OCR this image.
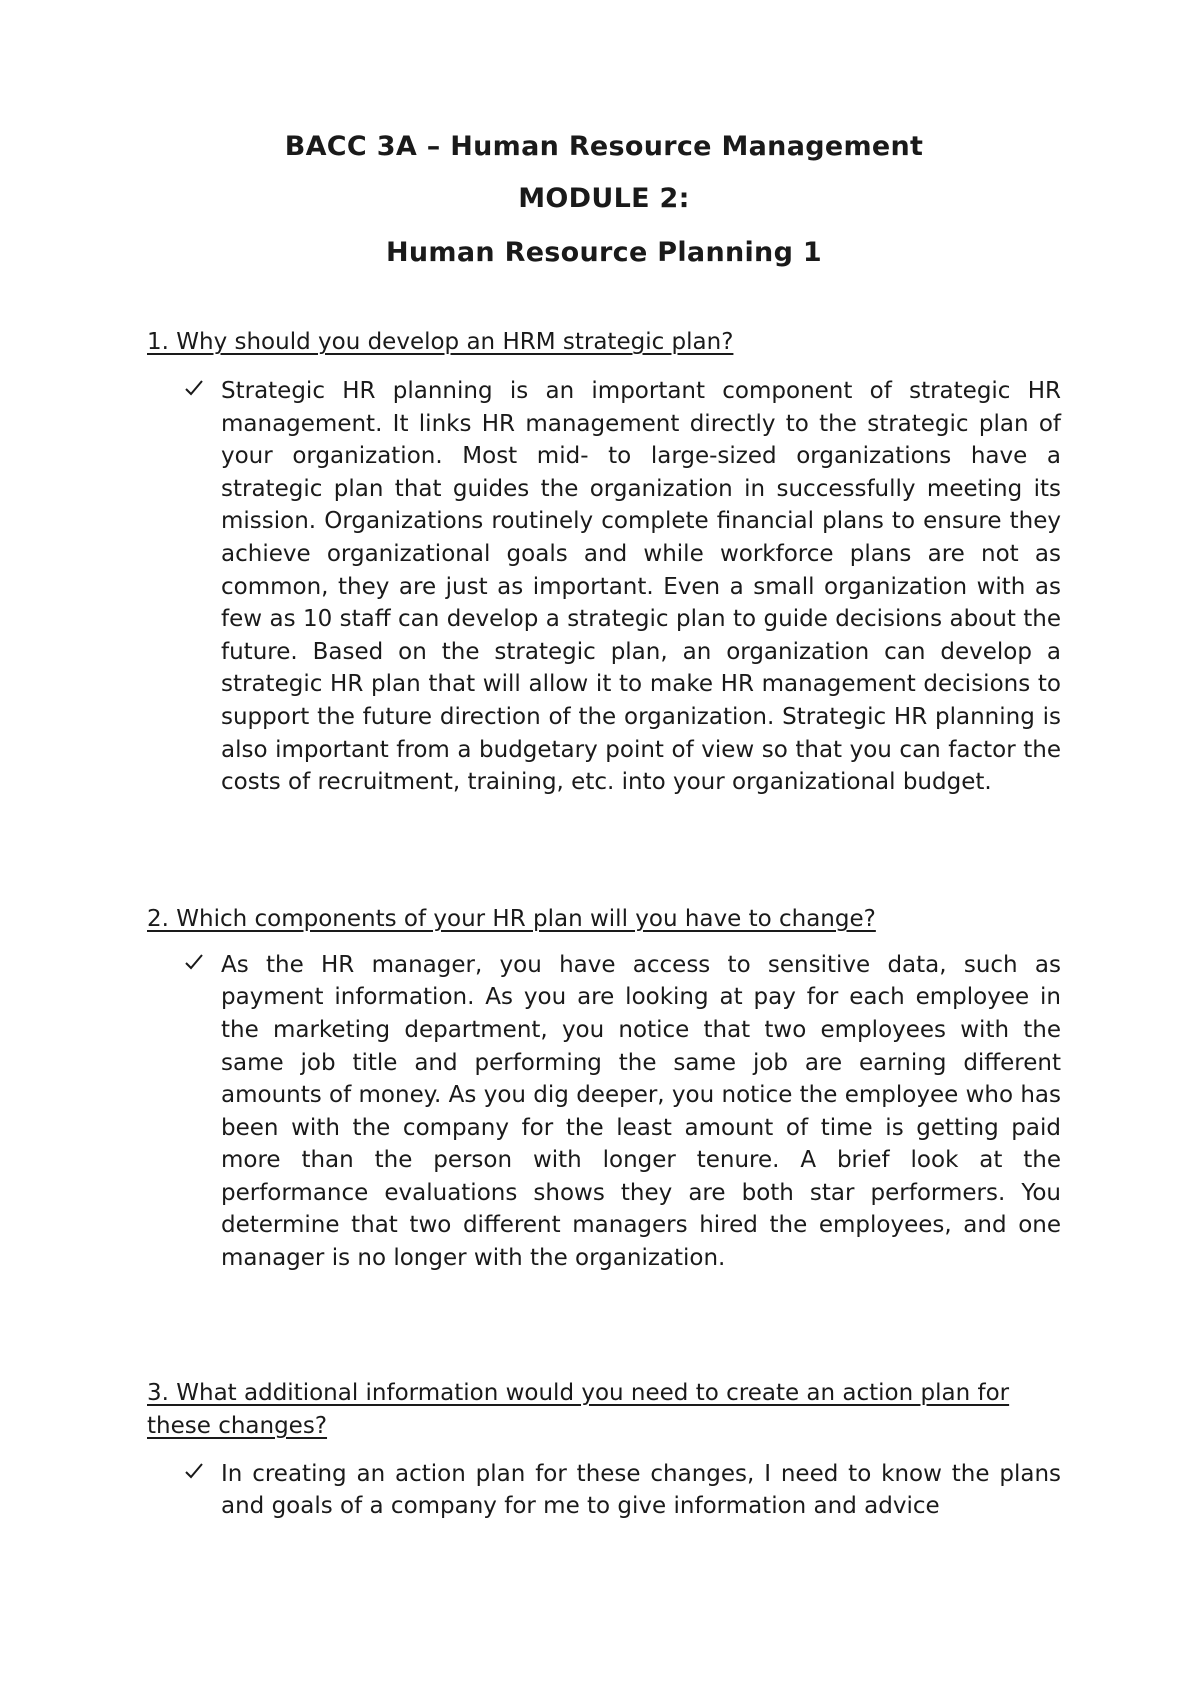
BACC 3A – Human Resource Management
MODULE 2:
Human Resource Planning 1

1. Why should you develop an HRM strategic plan?

Strategic HR planning is an important component of strategic HR management. It links HR management directly to the strategic plan of your organization. Most mid- to large-sized organizations have a strategic plan that guides the organization in successfully meeting its mission. Organizations routinely complete financial plans to ensure they achieve organizational goals and while workforce plans are not as common, they are just as important. Even a small organization with as few as 10 staff can develop a strategic plan to guide decisions about the future. Based on the strategic plan, an organization can develop a strategic HR plan that will allow it to make HR management decisions to support the future direction of the organization. Strategic HR planning is also important from a budgetary point of view so that you can factor the costs of recruitment, training, etc. into your organizational budget.

2. Which components of your HR plan will you have to change?

As the HR manager, you have access to sensitive data, such as payment information. As you are looking at pay for each employee in the marketing department, you notice that two employees with the same job title and performing the same job are earning different amounts of money. As you dig deeper, you notice the employee who has been with the company for the least amount of time is getting paid more than the person with longer tenure. A brief look at the performance evaluations shows they are both star performers. You determine that two different managers hired the employees, and one manager is no longer with the organization.

3. What additional information would you need to create an action plan for these changes?

In creating an action plan for these changes, I need to know the plans and goals of a company for me to give information and advice
